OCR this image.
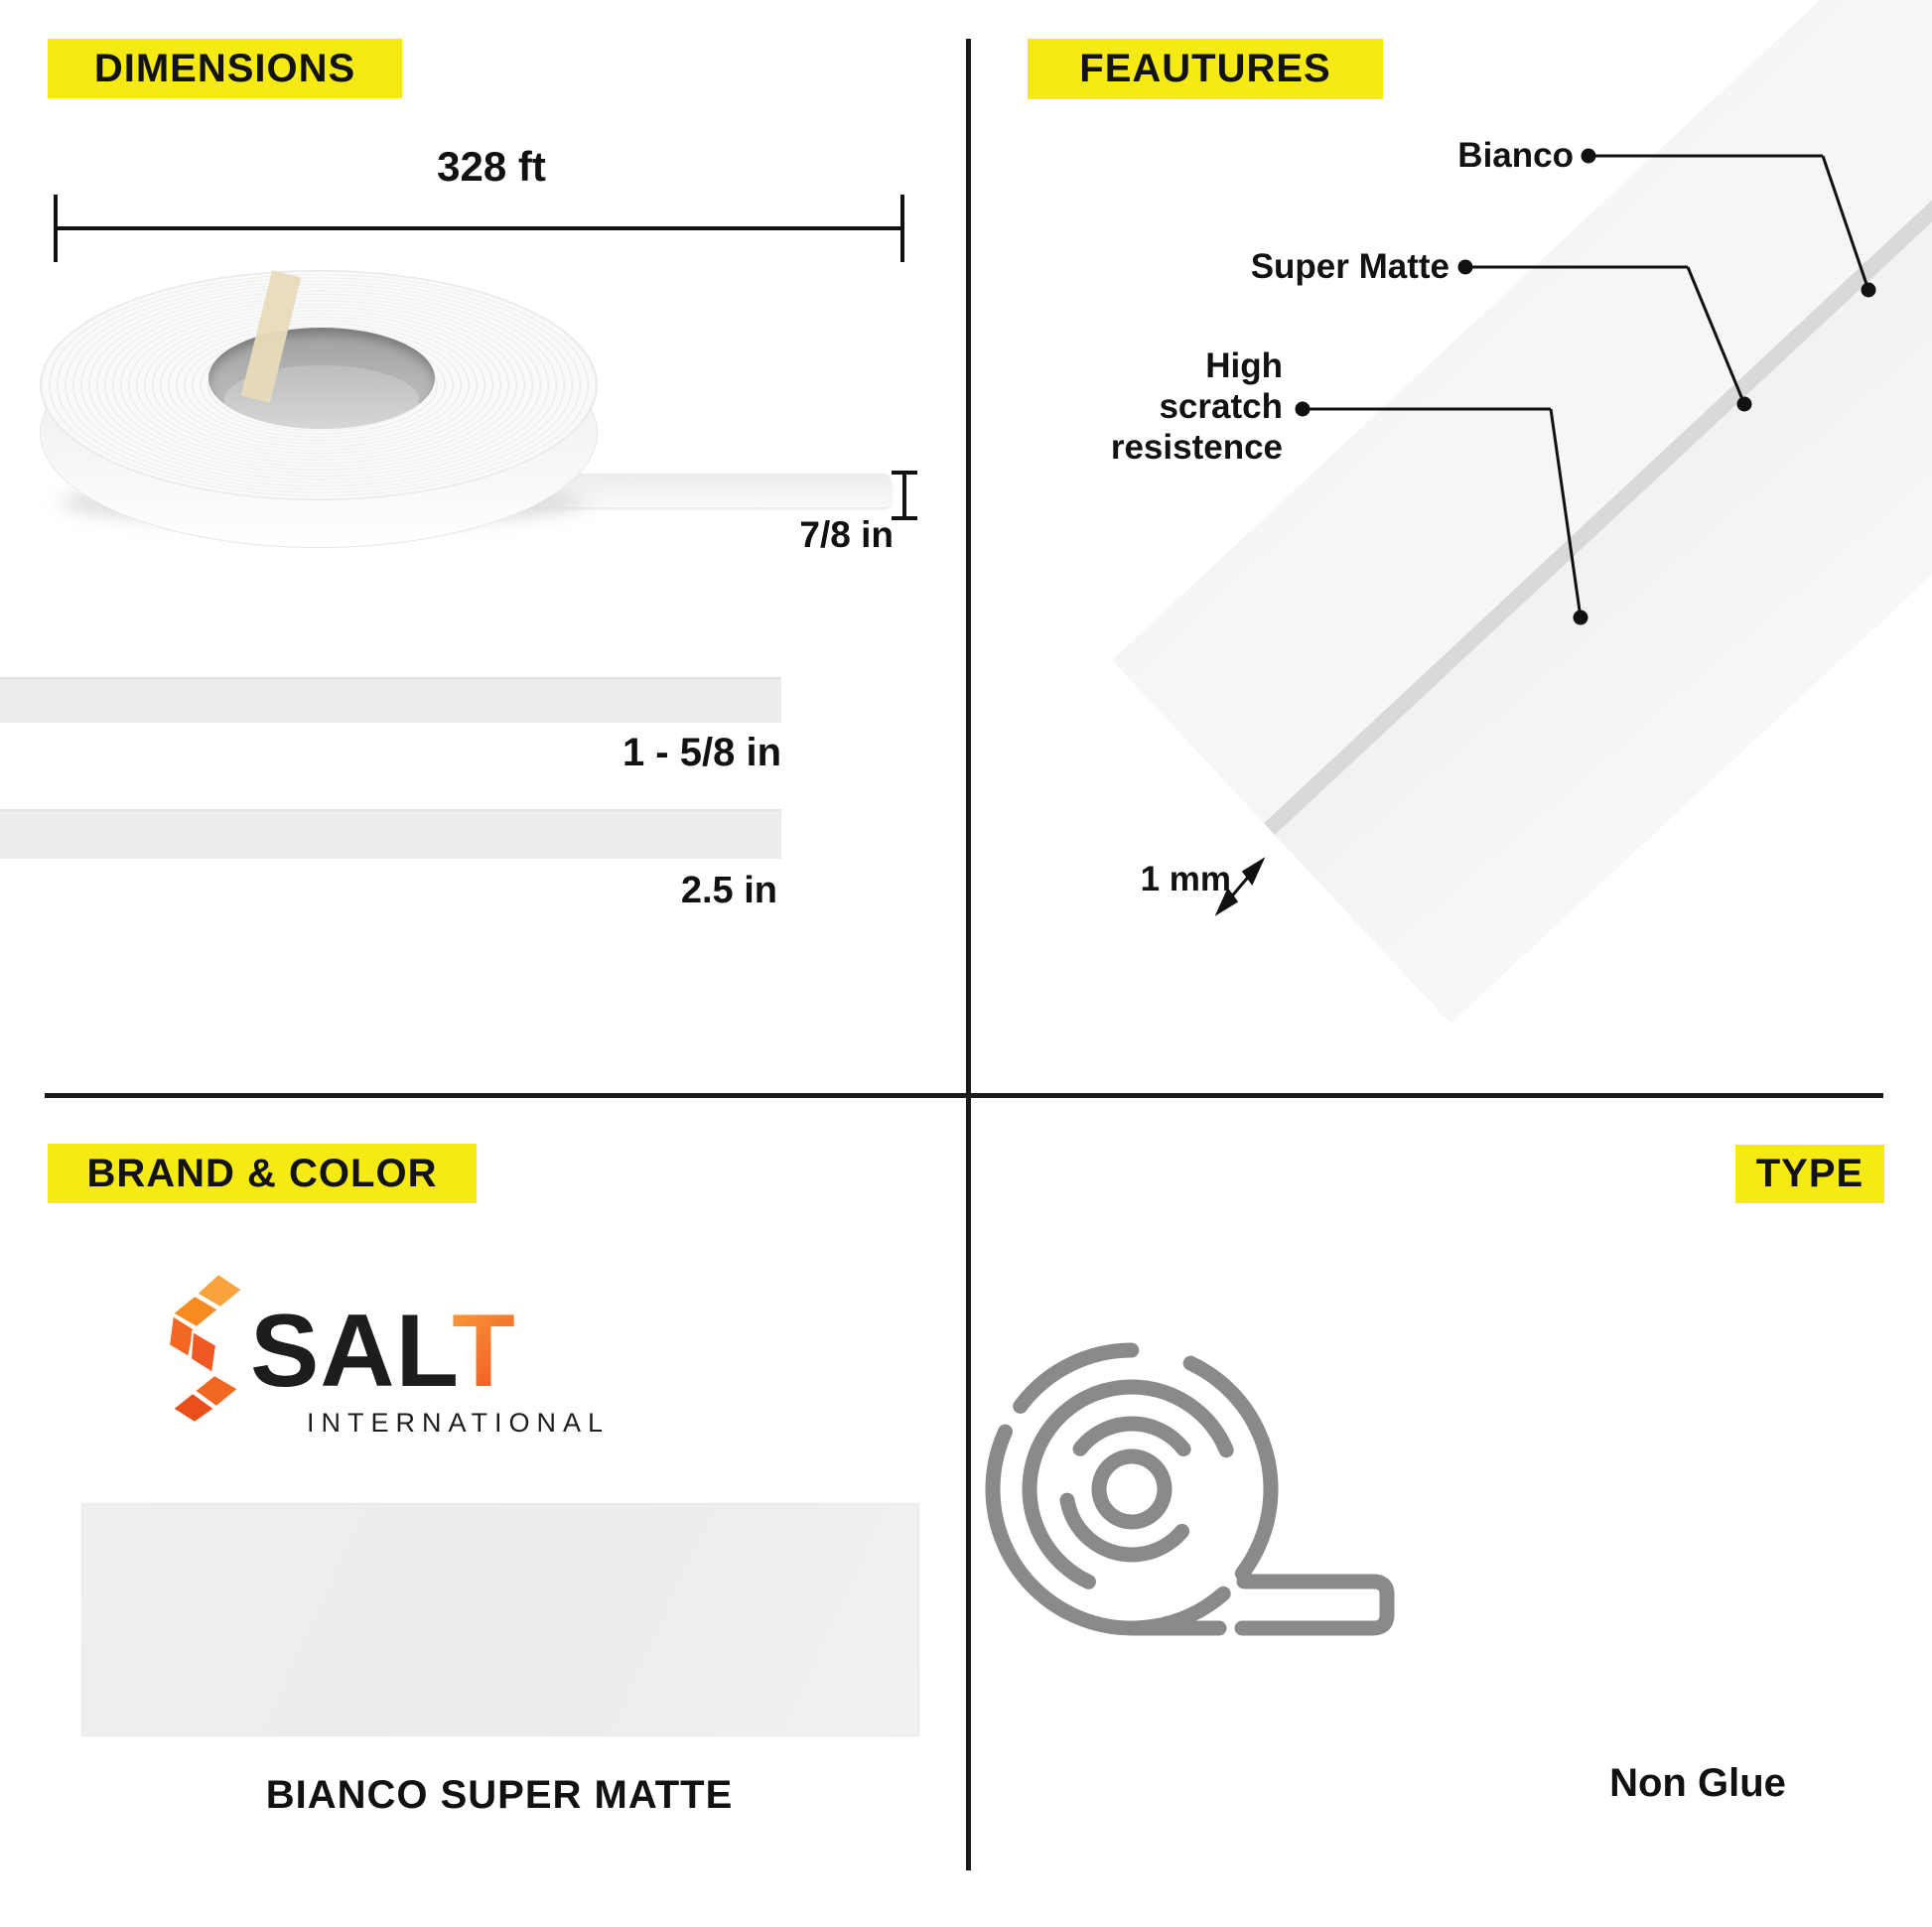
DIMENSIONS
328 ft
7/8 in
1 - 5/8 in
2.5 in
FEAUTURES
Bianco
Super Matte
High
scratch
resistence
1 mm
BRAND & COLOR
SALT
INTERNATIONAL
BIANCO SUPER MATTE
TYPE
Non Glue
